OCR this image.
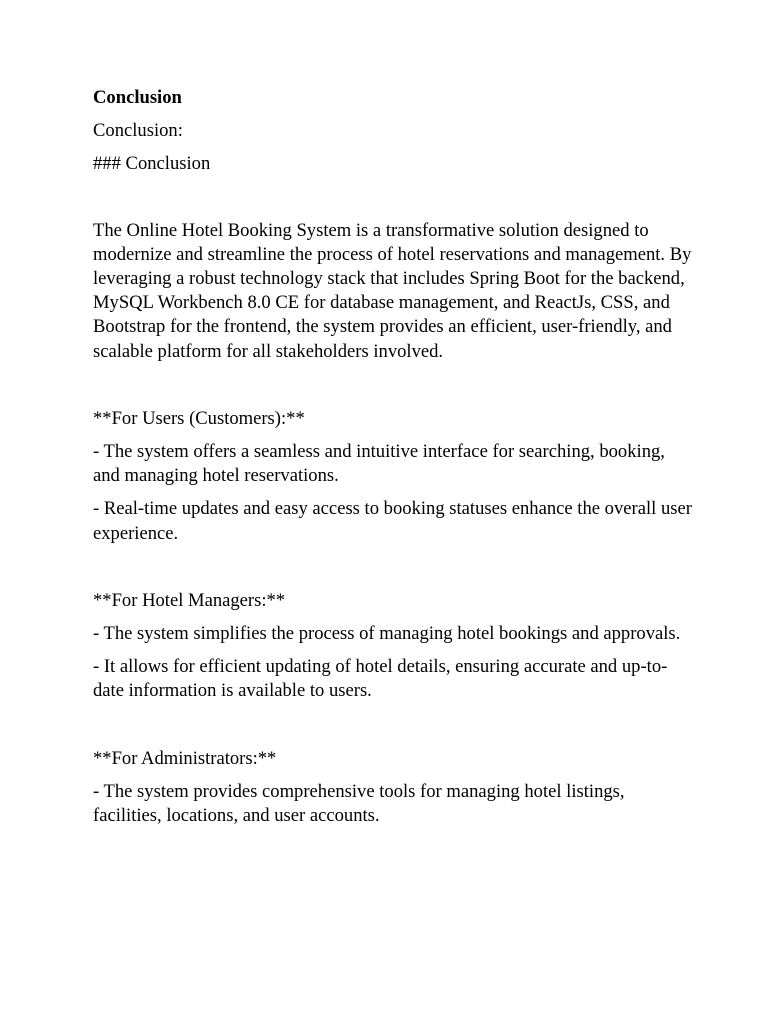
Conclusion
Conclusion:
### Conclusion

The Online Hotel Booking System is a transformative solution designed to modernize and streamline the process of hotel reservations and management. By leveraging a robust technology stack that includes Spring Boot for the backend, MySQL Workbench 8.0 CE for database management, and ReactJs, CSS, and Bootstrap for the frontend, the system provides an efficient, user-friendly, and scalable platform for all stakeholders involved.

**For Users (Customers):**

- The system offers a seamless and intuitive interface for searching, booking, and managing hotel reservations.

- Real-time updates and easy access to booking statuses enhance the overall user experience.

**For Hotel Managers:**

- The system simplifies the process of managing hotel bookings and approvals.

- It allows for efficient updating of hotel details, ensuring accurate and up-to-date information is available to users.

**For Administrators:**

- The system provides comprehensive tools for managing hotel listings, facilities, locations, and user accounts.
